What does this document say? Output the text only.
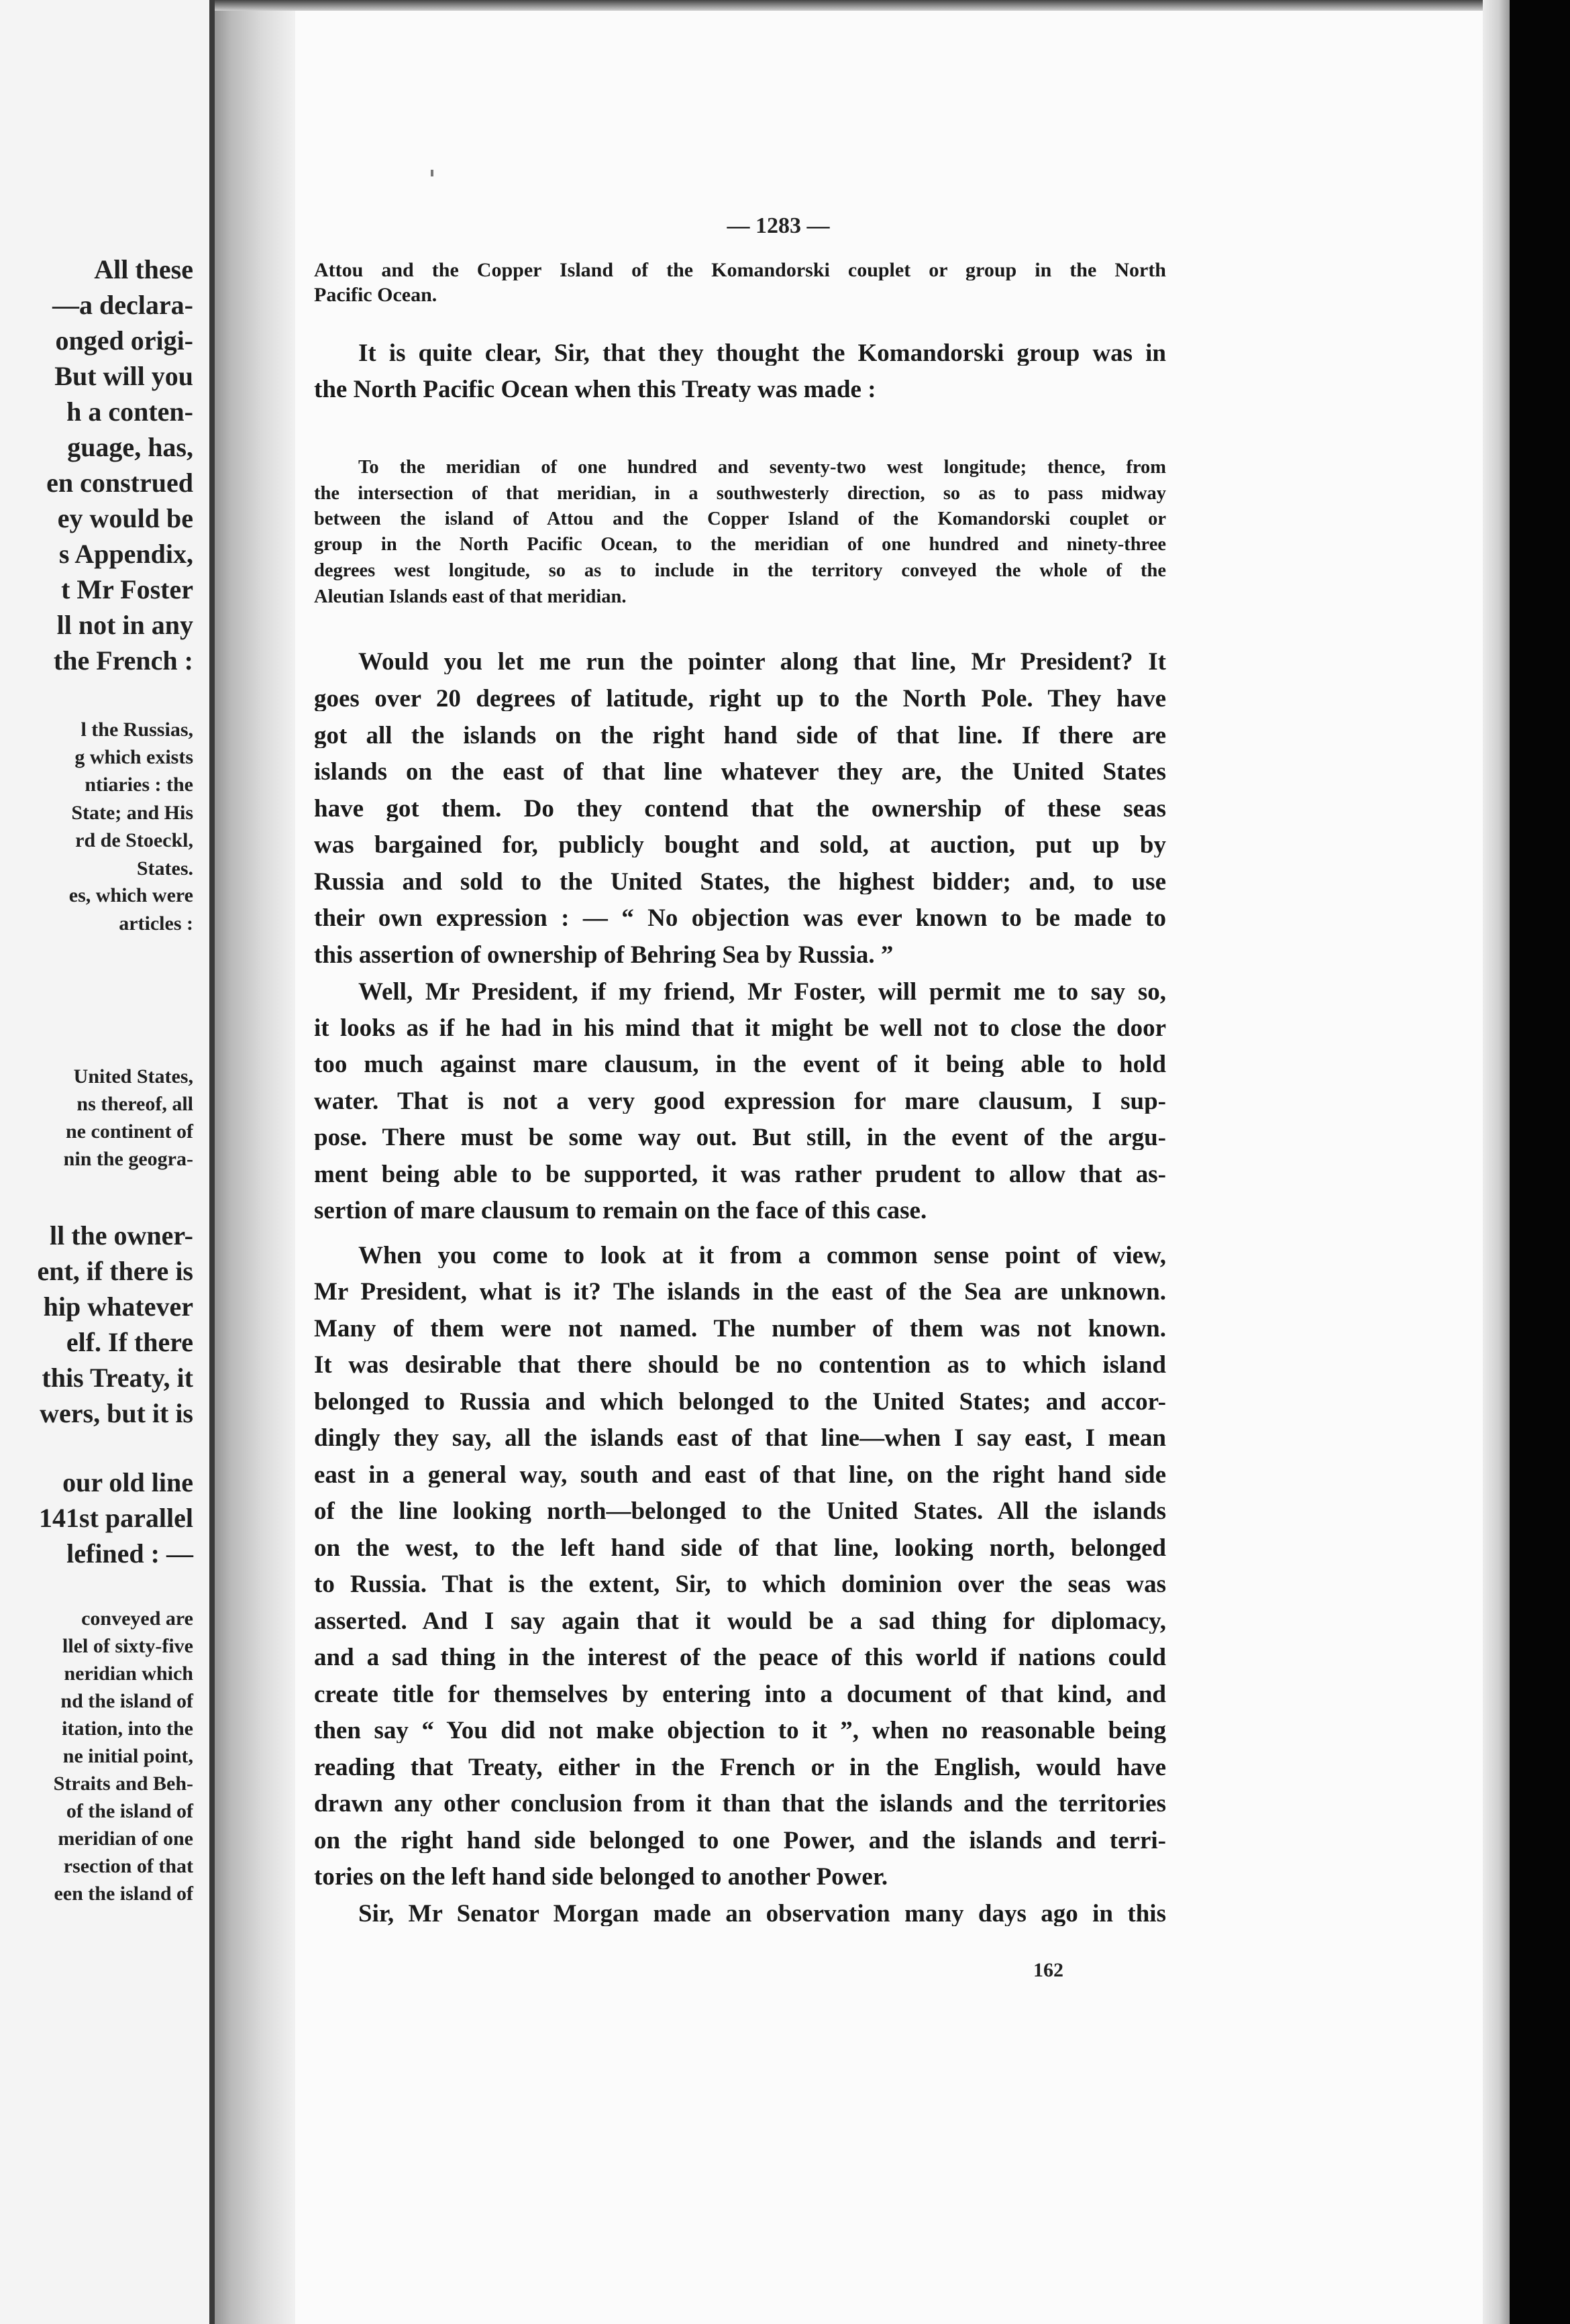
All these
—a declara-
onged origi-
But will you
h a conten-
guage, has,
en construed
ey would be
s Appendix,
t Mr Foster
ll not in any
the French :
l the Russias,
g which exists
ntiaries : the
State; and His
rd de Stoeckl,
States.
es, which were
articles :
United States,
ns thereof, all
ne continent of
nin the geogra-
ll the owner-
ent, if there is
hip whatever
elf. If there
this Treaty, it
wers, but it is
our old line
141st parallel
lefined : —
conveyed are
llel of sixty-five
neridian which
nd the island of
itation, into the
ne initial point,
Straits and Beh-
of the island of
meridian of one
rsection of that
een the island of
— 1283 —
Attou and the Copper Island of the Komandorski couplet or group in the North
Pacific Ocean.
It is quite clear, Sir, that they thought the Komandorski group was in
the North Pacific Ocean when this Treaty was made :
To the meridian of one hundred and seventy-two west longitude; thence, from
the intersection of that meridian, in a southwesterly direction, so as to pass midway
between the island of Attou and the Copper Island of the Komandorski couplet or
group in the North Pacific Ocean, to the meridian of one hundred and ninety-three
degrees west longitude, so as to include in the territory conveyed the whole of the
Aleutian Islands east of that meridian.
Would you let me run the pointer along that line, Mr President? It
goes over 20 degrees of latitude, right up to the North Pole. They have
got all the islands on the right hand side of that line. If there are
islands on the east of that line whatever they are, the United States
have got them. Do they contend that the ownership of these seas
was bargained for, publicly bought and sold, at auction, put up by
Russia and sold to the United States, the highest bidder; and, to use
their own expression : — “ No objection was ever known to be made to
this assertion of ownership of Behring Sea by Russia. ”
Well, Mr President, if my friend, Mr Foster, will permit me to say so,
it looks as if he had in his mind that it might be well not to close the door
too much against mare clausum, in the event of it being able to hold
water. That is not a very good expression for mare clausum, I sup-
pose. There must be some way out. But still, in the event of the argu-
ment being able to be supported, it was rather prudent to allow that as-
sertion of mare clausum to remain on the face of this case.
When you come to look at it from a common sense point of view,
Mr President, what is it? The islands in the east of the Sea are unknown.
Many of them were not named. The number of them was not known.
It was desirable that there should be no contention as to which island
belonged to Russia and which belonged to the United States; and accor-
dingly they say, all the islands east of that line—when I say east, I mean
east in a general way, south and east of that line, on the right hand side
of the line looking north—belonged to the United States. All the islands
on the west, to the left hand side of that line, looking north, belonged
to Russia. That is the extent, Sir, to which dominion over the seas was
asserted. And I say again that it would be a sad thing for diplomacy,
and a sad thing in the interest of the peace of this world if nations could
create title for themselves by entering into a document of that kind, and
then say “ You did not make objection to it ”, when no reasonable being
reading that Treaty, either in the French or in the English, would have
drawn any other conclusion from it than that the islands and the territories
on the right hand side belonged to one Power, and the islands and terri-
tories on the left hand side belonged to another Power.
Sir, Mr Senator Morgan made an observation many days ago in this
162
